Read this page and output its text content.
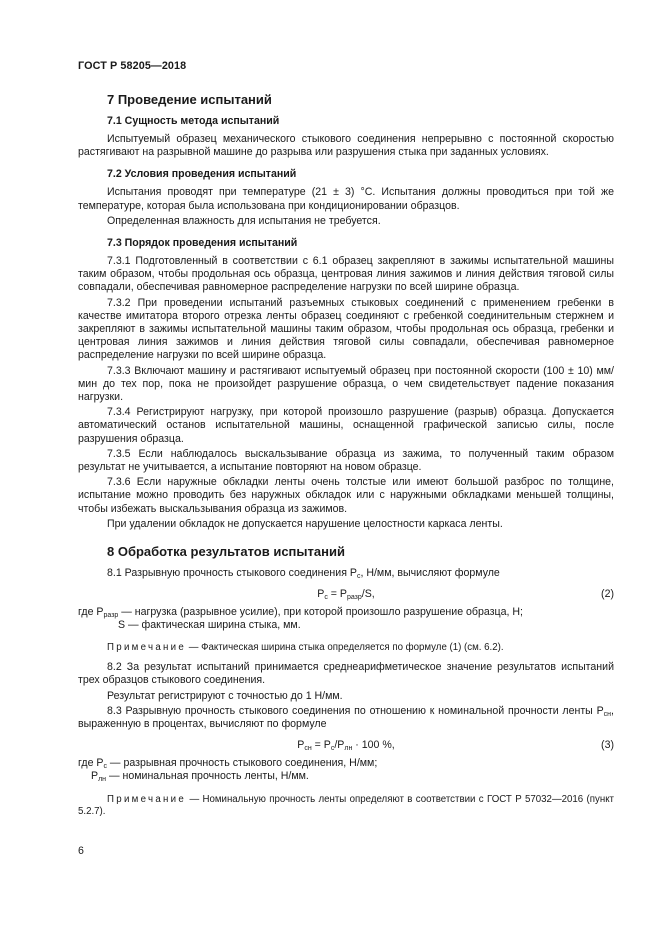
ГОСТ Р 58205—2018
7 Проведение испытаний
7.1 Сущность метода испытаний

Испытуемый образец механического стыкового соединения непрерывно с постоянной скоростью растягивают на разрывной машине до разрыва или разрушения стыка при заданных условиях.

7.2 Условия проведения испытаний

Испытания проводят при температуре (21 ± 3) °С. Испытания должны проводиться при той же температуре, которая была использована при кондиционировании образцов.

Определенная влажность для испытания не требуется.

7.3 Порядок проведения испытаний

7.3.1 Подготовленный в соответствии с 6.1 образец закрепляют в зажимы испытательной машины таким образом, чтобы продольная ось образца, центровая линия зажимов и линия действия тяговой силы совпадали, обеспечивая равномерное распределение нагрузки по всей ширине образца.

7.3.2 При проведении испытаний разъемных стыковых соединений с применением гребенки в качестве имитатора второго отрезка ленты образец соединяют с гребенкой соединительным стержнем и закрепляют в зажимы испытательной машины таким образом, чтобы продольная ось образца, гребенки и центровая линия зажимов и линия действия тяговой силы совпадали, обеспечивая равномерное распределение нагрузки по всей ширине образца.

7.3.3 Включают машину и растягивают испытуемый образец при постоянной скорости (100 ± 10) мм/мин до тех пор, пока не произойдет разрушение образца, о чем свидетельствует падение показания нагрузки.

7.3.4 Регистрируют нагрузку, при которой произошло разрушение (разрыв) образца. Допускается автоматический останов испытательной машины, оснащенной графической записью силы, после разрушения образца.

7.3.5 Если наблюдалось выскальзывание образца из зажима, то полученный таким образом результат не учитывается, а испытание повторяют на новом образце.

7.3.6 Если наружные обкладки ленты очень толстые или имеют большой разброс по толщине, испытание можно проводить без наружных обкладок или с наружными обкладками меньшей толщины, чтобы избежать выскальзывания образца из зажимов.

При удалении обкладок не допускается нарушение целостности каркаса ленты.

8 Обработка результатов испытаний

8.1 Разрывную прочность стыкового соединения $Р_с$, Н/мм, вычисляют формуле

$Р_с = Р_{разр}/S$,	(2)

где $Р_{разр}$ — нагрузка (разрывное усилие), при которой произошло разрушение образца, Н;

S — фактическая ширина стыка, мм.

Примечание — Фактическая ширина стыка определяется по формуле (1) (см. 6.2).

8.2 За результат испытаний принимается среднеарифметическое значение результатов испытаний трех образцов стыкового соединения.

Результат регистрируют с точностью до 1 Н/мм.

8.3 Разрывную прочность стыкового соединения по отношению к номинальной прочности ленты $Р_{сн}$, выраженную в процентах, вычисляют по формуле

$Р_{сн} = Р_с/Р_{лн} \cdot 100$ %,	(3)

где $Р_с$ — разрывная прочность стыкового соединения, Н/мм;

$Р_{лн}$ — номинальная прочность ленты, Н/мм.

Примечание — Номинальную прочность ленты определяют в соответствии с ГОСТ Р 57032—2016 (пункт 5.2.7).

6
